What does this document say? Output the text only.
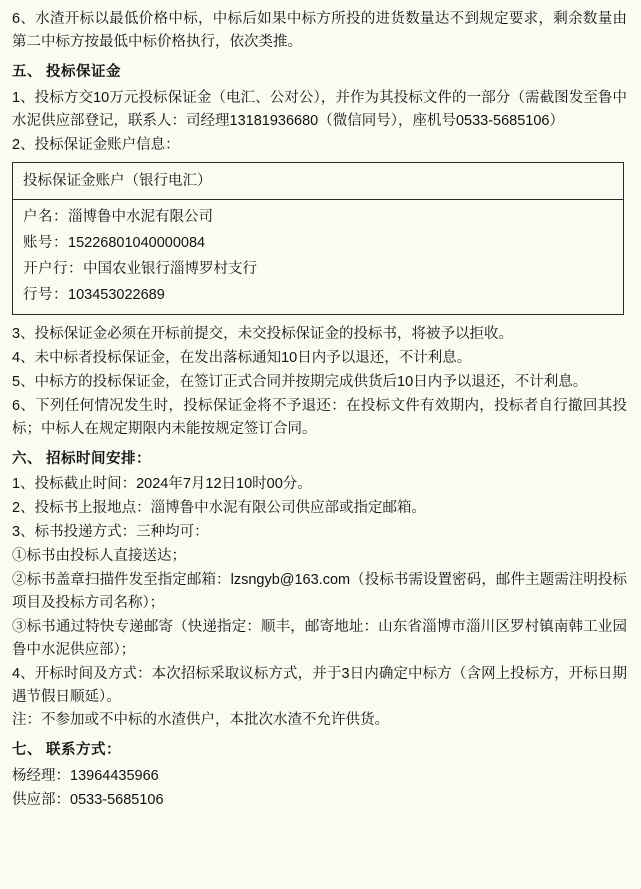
6、水渣开标以最低价格中标，中标后如果中标方所投的进货数量达不到规定要求，剩余数量由第二中标方按最低中标价格执行，依次类推。

五、 投标保证金

1、投标方交10万元投标保证金（电汇、公对公），并作为其投标文件的一部分（需截图发至鲁中水泥供应部登记，联系人：司经理13181936680（微信同号），座机号0533-5685106）

2、投标保证金账户信息：

投标保证金账户（银行电汇）

户名：淄博鲁中水泥有限公司

账号：15226801040000084

开户行：中国农业银行淄博罗村支行

行号：103453022689

3、投标保证金必须在开标前提交，未交投标保证金的投标书，将被予以拒收。

4、未中标者投标保证金，在发出落标通知10日内予以退还，不计利息。

5、中标方的投标保证金，在签订正式合同并按期完成供货后10日内予以退还，不计利息。

6、下列任何情况发生时，投标保证金将不予退还：在投标文件有效期内，投标者自行撤回其投标；中标人在规定期限内未能按规定签订合同。

六、 招标时间安排：

1、投标截止时间：2024年7月12日10时00分。

2、投标书上报地点：淄博鲁中水泥有限公司供应部或指定邮箱。

3、标书投递方式：三种均可：

①标书由投标人直接送达；

②标书盖章扫描件发至指定邮箱：lzsngyb@163.com（投标书需设置密码，邮件主题需注明投标项目及投标方司名称）；

③标书通过特快专递邮寄（快递指定：顺丰，邮寄地址：山东省淄博市淄川区罗村镇南韩工业园鲁中水泥供应部）；

4、开标时间及方式：本次招标采取议标方式，并于3日内确定中标方（含网上投标方，开标日期遇节假日顺延）。

注：不参加或不中标的水渣供户，本批次水渣不允许供货。

七、 联系方式：

杨经理：13964435966

供应部：0533-5685106
